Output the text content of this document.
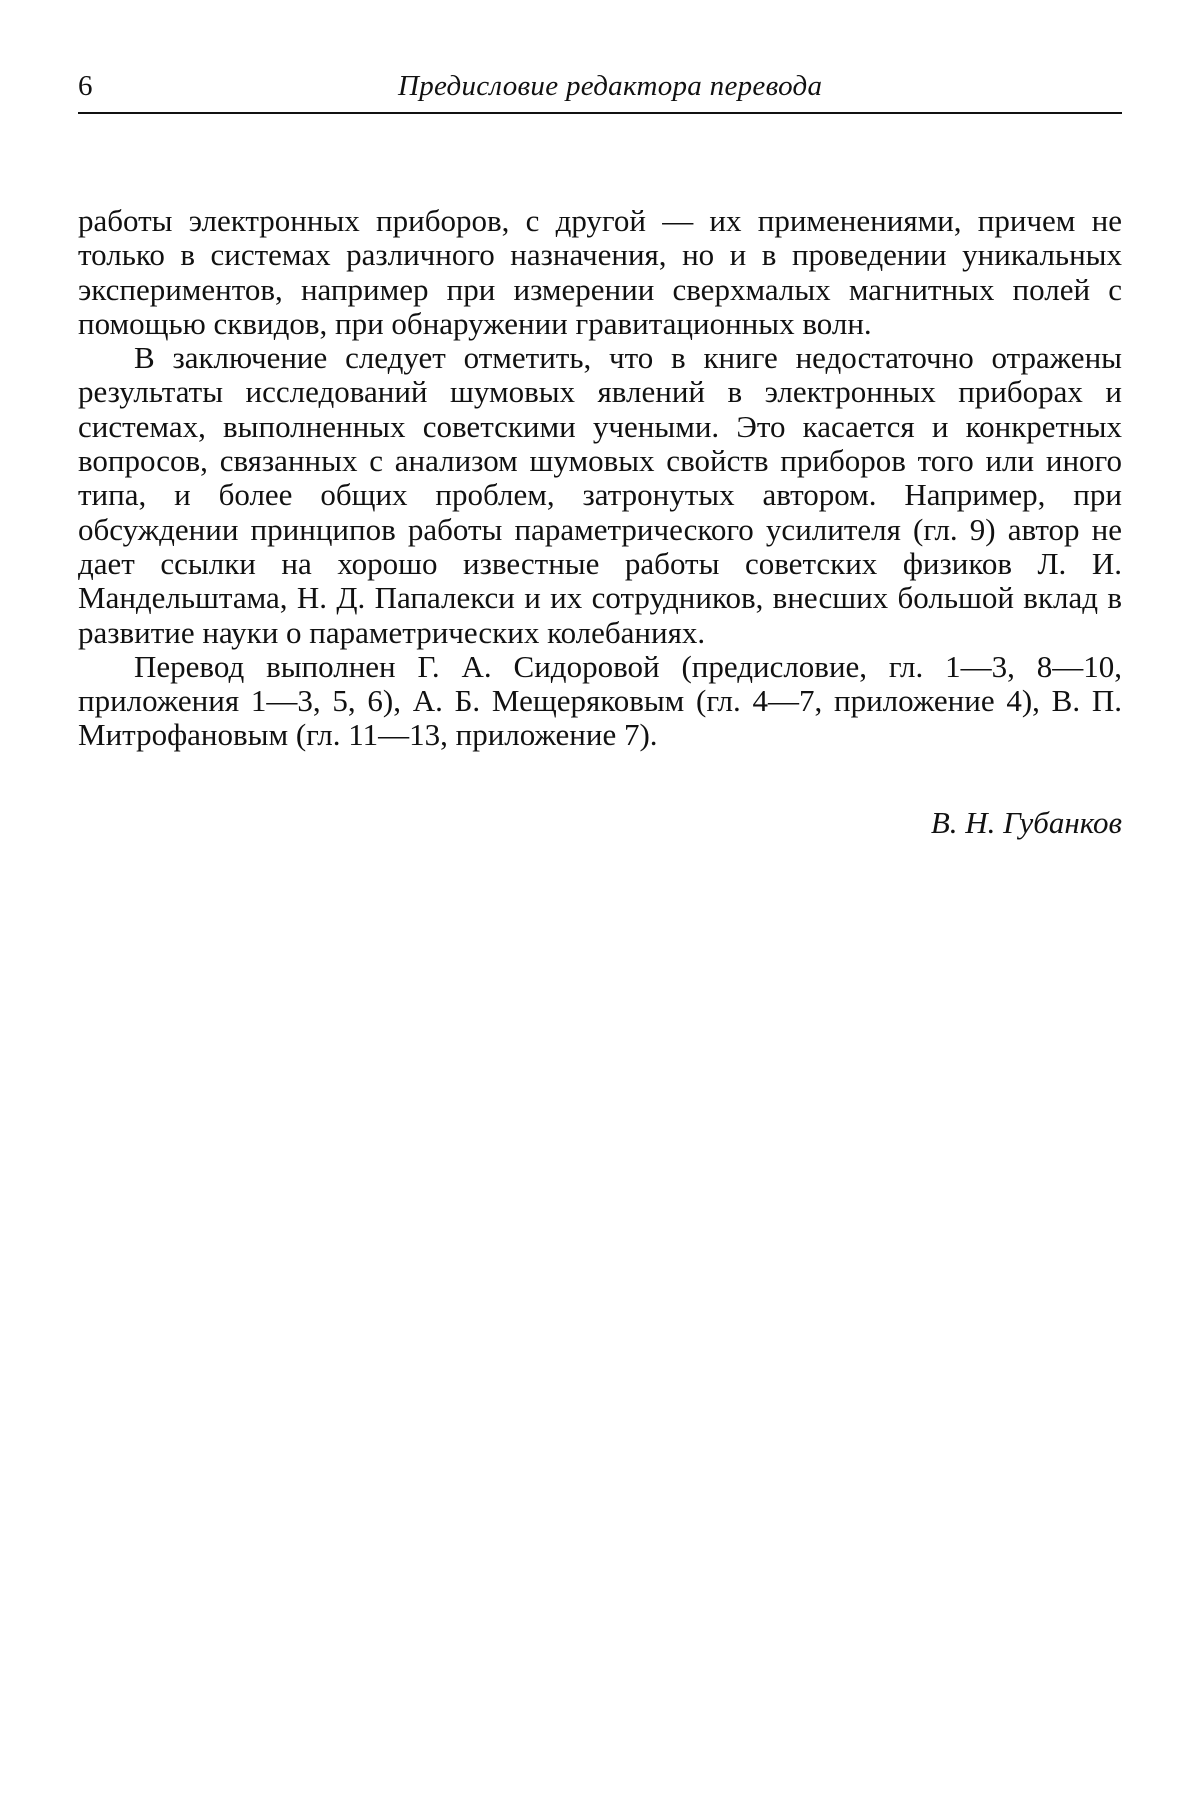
6	Предисловие редактора перевода

работы электронных приборов, с другой — их применениями, причем не только в системах различного назначения, но и в проведении уникальных экспериментов, например при измерении сверхмалых магнитных полей с помощью сквидов, при обнаружении гравитационных волн.

В заключение следует отметить, что в книге недостаточно отражены результаты исследований шумовых явлений в электронных приборах и системах, выполненных советскими учеными. Это касается и конкретных вопросов, связанных с анализом шумовых свойств приборов того или иного типа, и более общих проблем, затронутых автором. Например, при обсуждении принципов работы параметрического усилителя (гл. 9) автор не дает ссылки на хорошо известные работы советских физиков Л. И. Мандельштама, Н. Д. Папалекси и их сотрудников, внесших большой вклад в развитие науки о параметрических колебаниях.

Перевод выполнен Г. А. Сидоровой (предисловие, гл. 1—3, 8—10, приложения 1—3, 5, 6), А. Б. Мещеряковым (гл. 4—7, приложение 4), В. П. Митрофановым (гл. 11—13, приложение 7).

В. Н. Губанков
